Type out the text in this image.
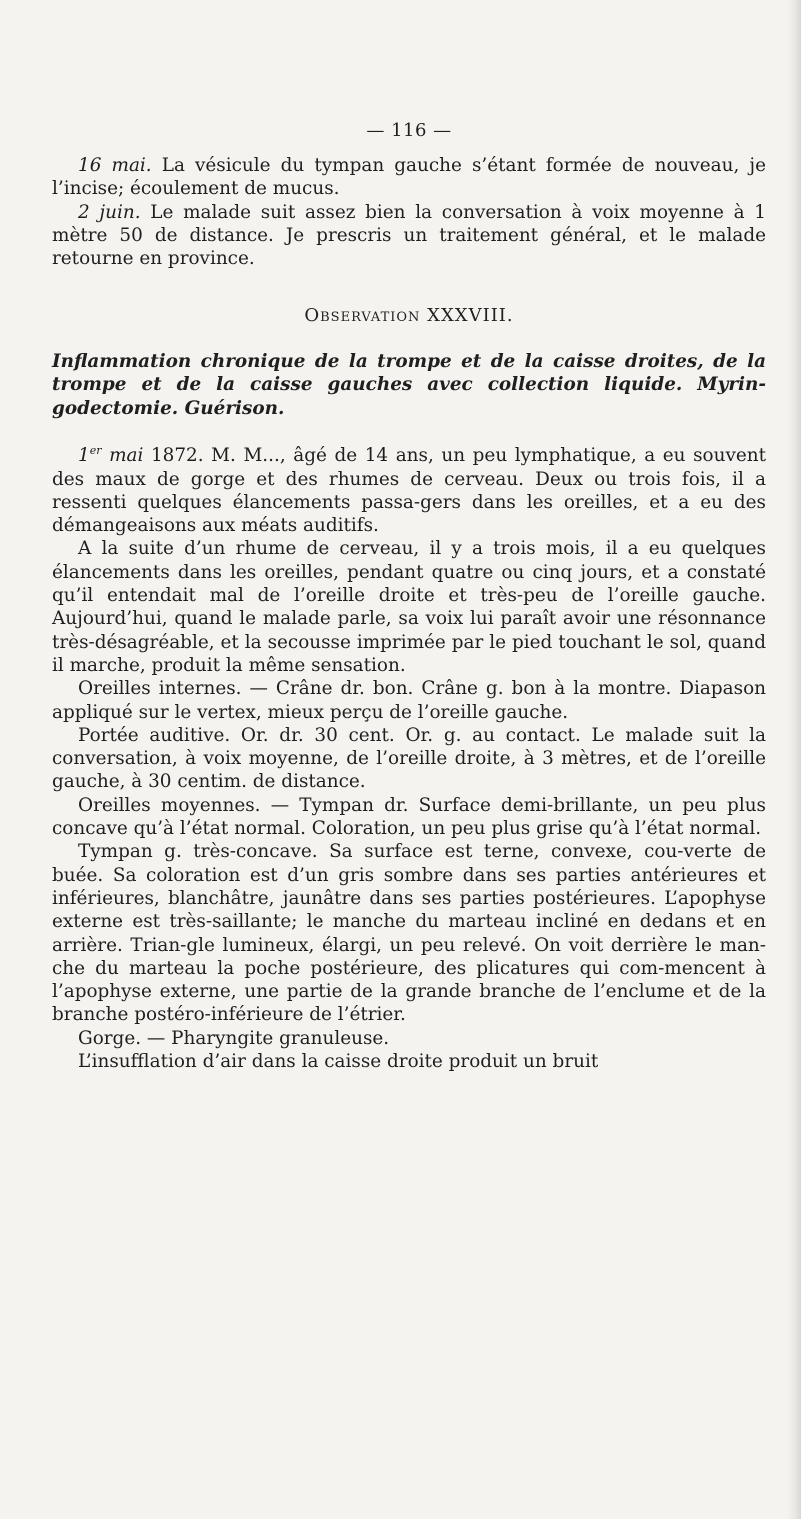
— 116 —

16 mai. La vésicule du tympan gauche s’étant formée de nouveau, je l’incise; écoulement de mucus.

2 juin. Le malade suit assez bien la conversation à voix moyenne à 1 mètre 50 de distance. Je prescris un traitement général, et le malade retourne en province.

Observation XXXVIII.

Inflammation chronique de la trompe et de la caisse droites, de la trompe et de la caisse gauches avec collection liquide. Myrin-godectomie. Guérison.

1er mai 1872. M. M..., âgé de 14 ans, un peu lymphatique, a eu souvent des maux de gorge et des rhumes de cerveau. Deux ou trois fois, il a ressenti quelques élancements passa-gers dans les oreilles, et a eu des démangeaisons aux méats auditifs.

A la suite d’un rhume de cerveau, il y a trois mois, il a eu quelques élancements dans les oreilles, pendant quatre ou cinq jours, et a constaté qu’il entendait mal de l’oreille droite et très-peu de l’oreille gauche. Aujourd’hui, quand le malade parle, sa voix lui paraît avoir une résonnance très-désagréable, et la secousse imprimée par le pied touchant le sol, quand il marche, produit la même sensation.

Oreilles internes. — Crâne dr. bon. Crâne g. bon à la montre. Diapason appliqué sur le vertex, mieux perçu de l’oreille gauche.

Portée auditive. Or. dr. 30 cent. Or. g. au contact. Le malade suit la conversation, à voix moyenne, de l’oreille droite, à 3 mètres, et de l’oreille gauche, à 30 centim. de distance.

Oreilles moyennes. — Tympan dr. Surface demi-brillante, un peu plus concave qu’à l’état normal. Coloration, un peu plus grise qu’à l’état normal.

Tympan g. très-concave. Sa surface est terne, convexe, cou-verte de buée. Sa coloration est d’un gris sombre dans ses parties antérieures et inférieures, blanchâtre, jaunâtre dans ses parties postérieures. L’apophyse externe est très-saillante; le manche du marteau incliné en dedans et en arrière. Trian-gle lumineux, élargi, un peu relevé. On voit derrière le man-che du marteau la poche postérieure, des plicatures qui com-mencent à l’apophyse externe, une partie de la grande branche de l’enclume et de la branche postéro-inférieure de l’étrier.

Gorge. — Pharyngite granuleuse.

L’insufflation d’air dans la caisse droite produit un bruit
